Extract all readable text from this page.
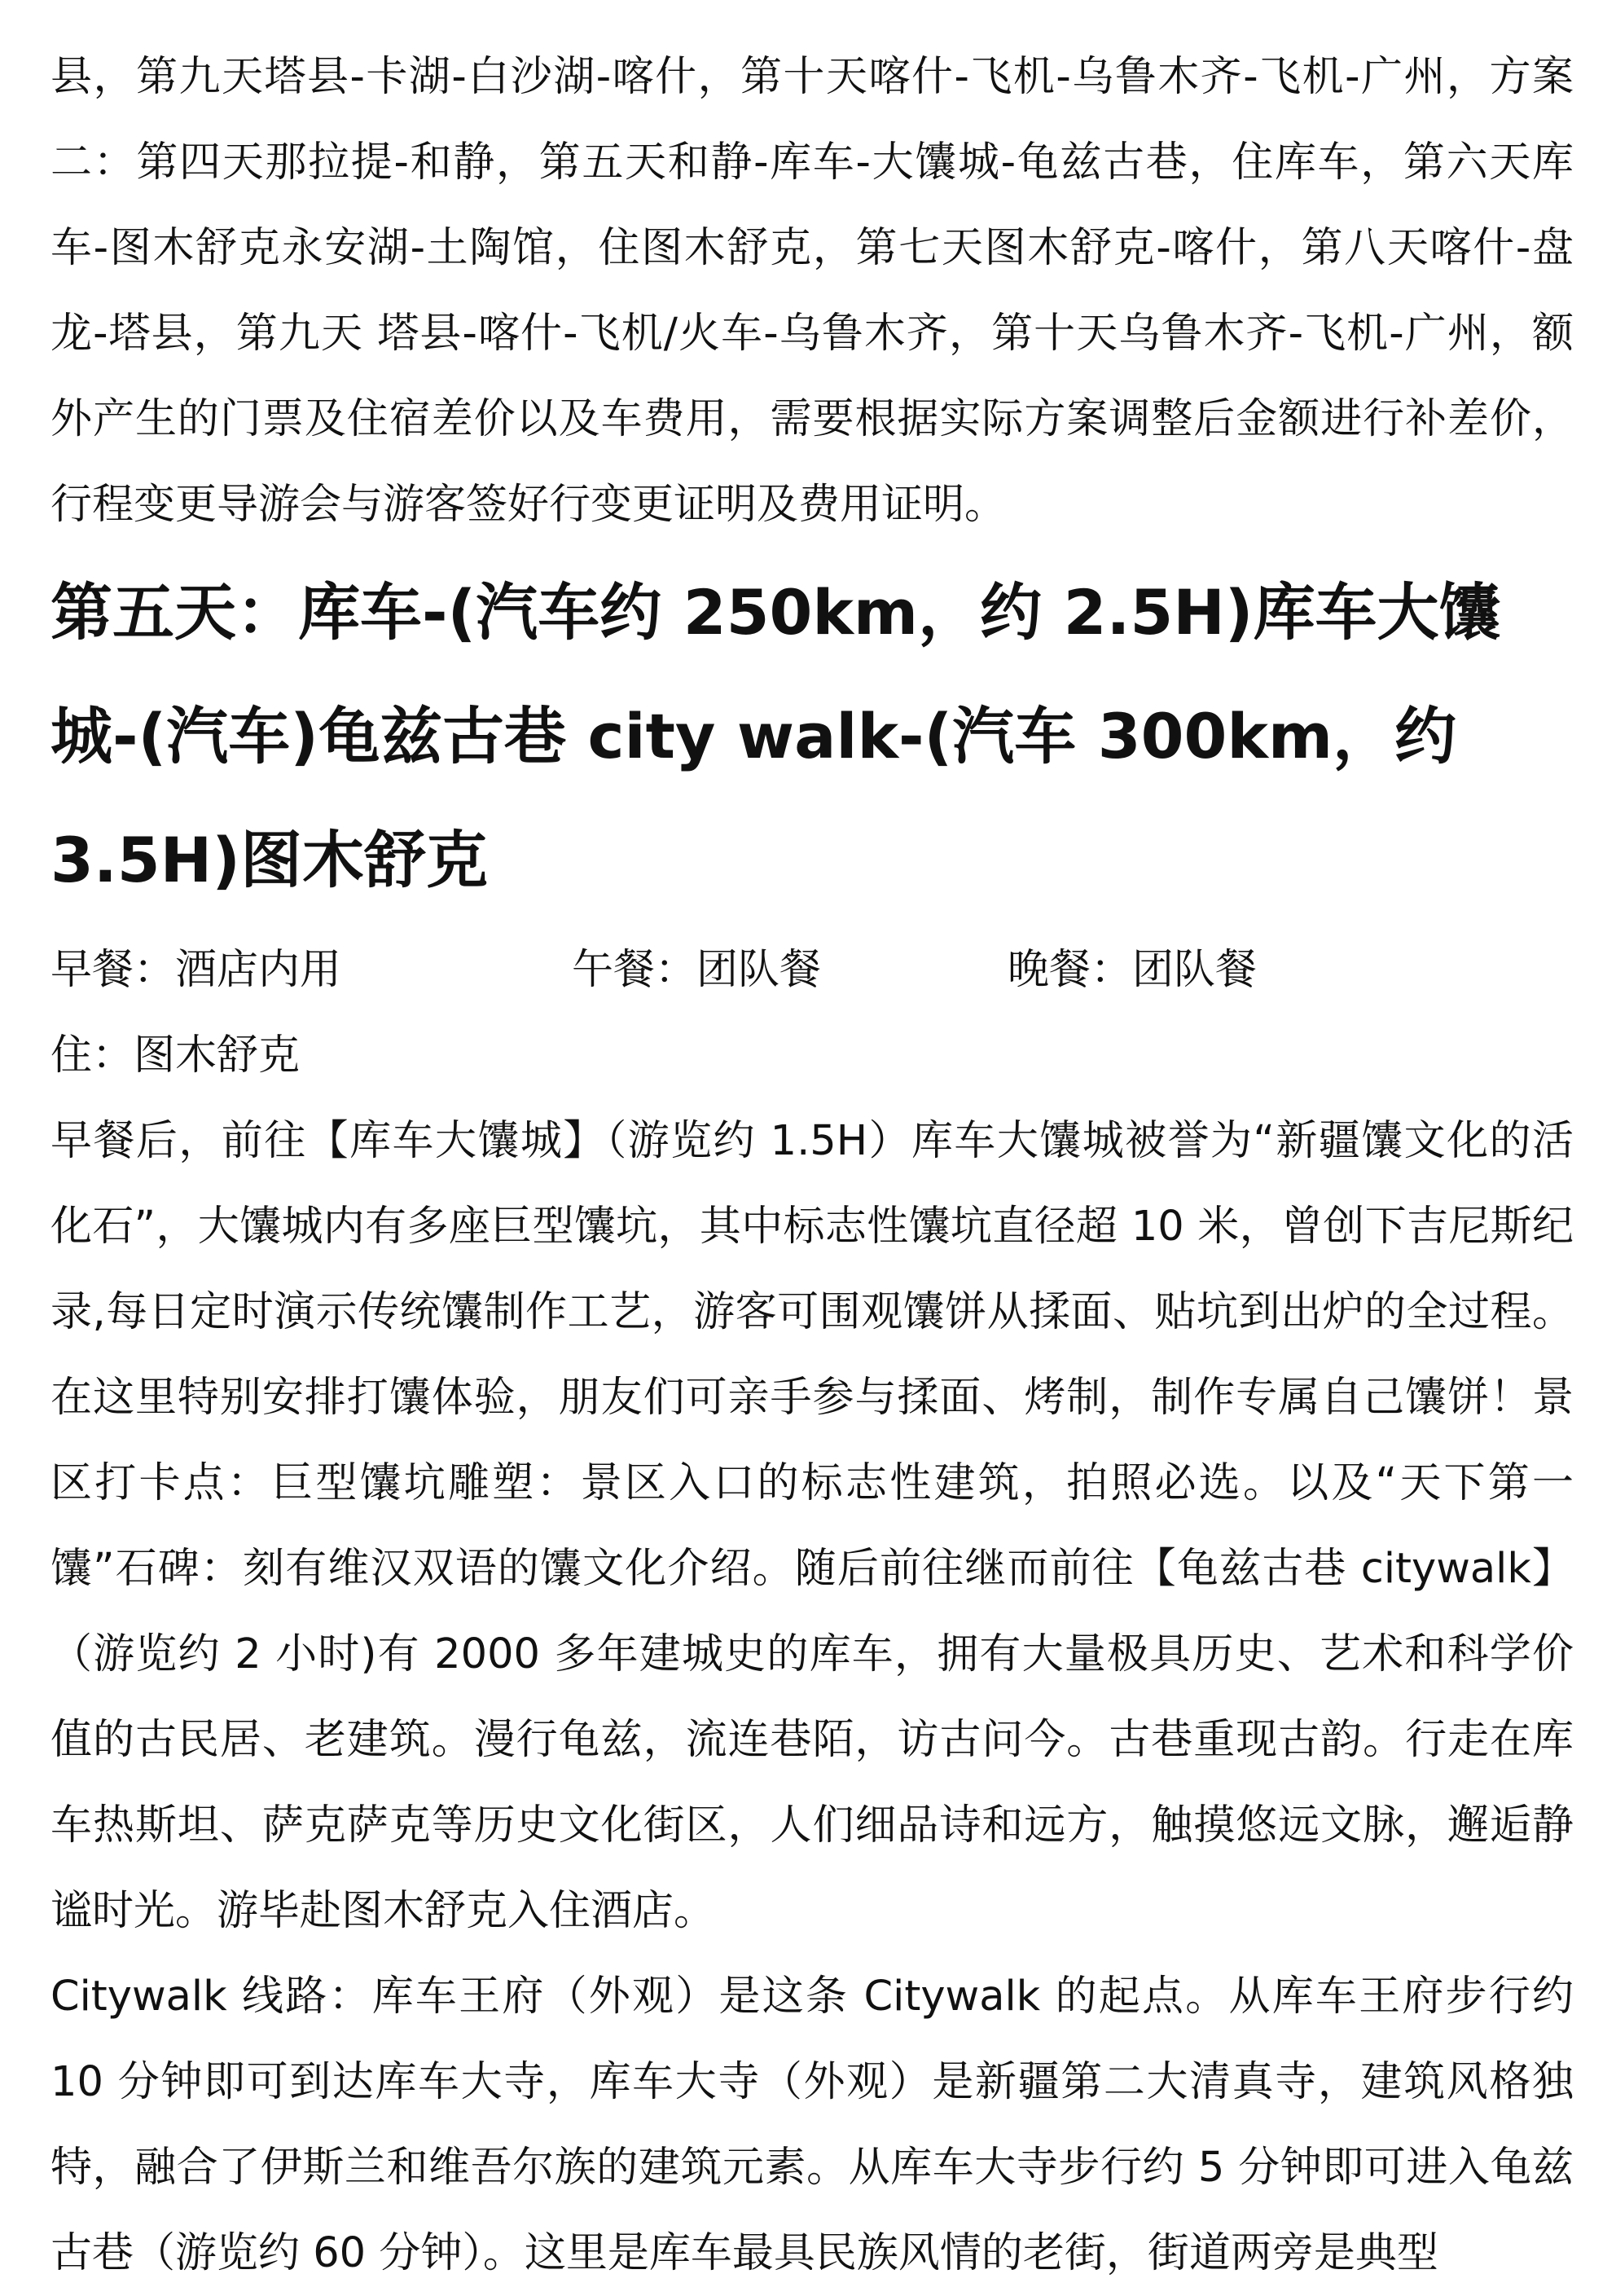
县，第九天塔县-卡湖-白沙湖-喀什，第十天喀什-飞机-乌鲁木齐-飞机-广州，方案二：第四天那拉提-和静，第五天和静-库车-大馕城-龟兹古巷，住库车，第六天库车-图木舒克永安湖-土陶馆，住图木舒克，第七天图木舒克-喀什，第八天喀什-盘龙-塔县，第九天 塔县-喀什-飞机/火车-乌鲁木齐，第十天乌鲁木齐-飞机-广州，额外产生的门票及住宿差价以及车费用，需要根据实际方案调整后金额进行补差价，行程变更导游会与游客签好行变更证明及费用证明。

第五天：库车-(汽车约 250km，约 2.5H)库车大馕城-(汽车)龟兹古巷 city walk-(汽车 300km，约 3.5H)图木舒克

早餐：酒店内用	午餐：团队餐	晚餐：团队餐

住：图木舒克

早餐后，前往【库车大馕城】（游览约 1.5H）库车大馕城被誉为“新疆馕文化的活化石”，大馕城内有多座巨型馕坑，其中标志性馕坑直径超 10 米，曾创下吉尼斯纪录,每日定时演示传统馕制作工艺，游客可围观馕饼从揉面、贴坑到出炉的全过程。在这里特别安排打馕体验，朋友们可亲手参与揉面、烤制，制作专属自己馕饼！景区打卡点：巨型馕坑雕塑：景区入口的标志性建筑，拍照必选。以及“天下第一馕”石碑：刻有维汉双语的馕文化介绍。随后前往继而前往【龟兹古巷 citywalk】（游览约 2 小时)有 2000 多年建城史的库车，拥有大量极具历史、艺术和科学价值的古民居、老建筑。漫行龟兹，流连巷陌，访古问今。古巷重现古韵。行走在库车热斯坦、萨克萨克等历史文化街区，人们细品诗和远方，触摸悠远文脉，邂逅静谧时光。游毕赴图木舒克入住酒店。

Citywalk 线路：库车王府（外观）是这条 Citywalk 的起点。从库车王府步行约 10 分钟即可到达库车大寺，库车大寺（外观）是新疆第二大清真寺，建筑风格独特，融合了伊斯兰和维吾尔族的建筑元素。从库车大寺步行约 5 分钟即可进入龟兹古巷（游览约 60 分钟）。这里是库车最具民族风情的老街，街道两旁是典型
